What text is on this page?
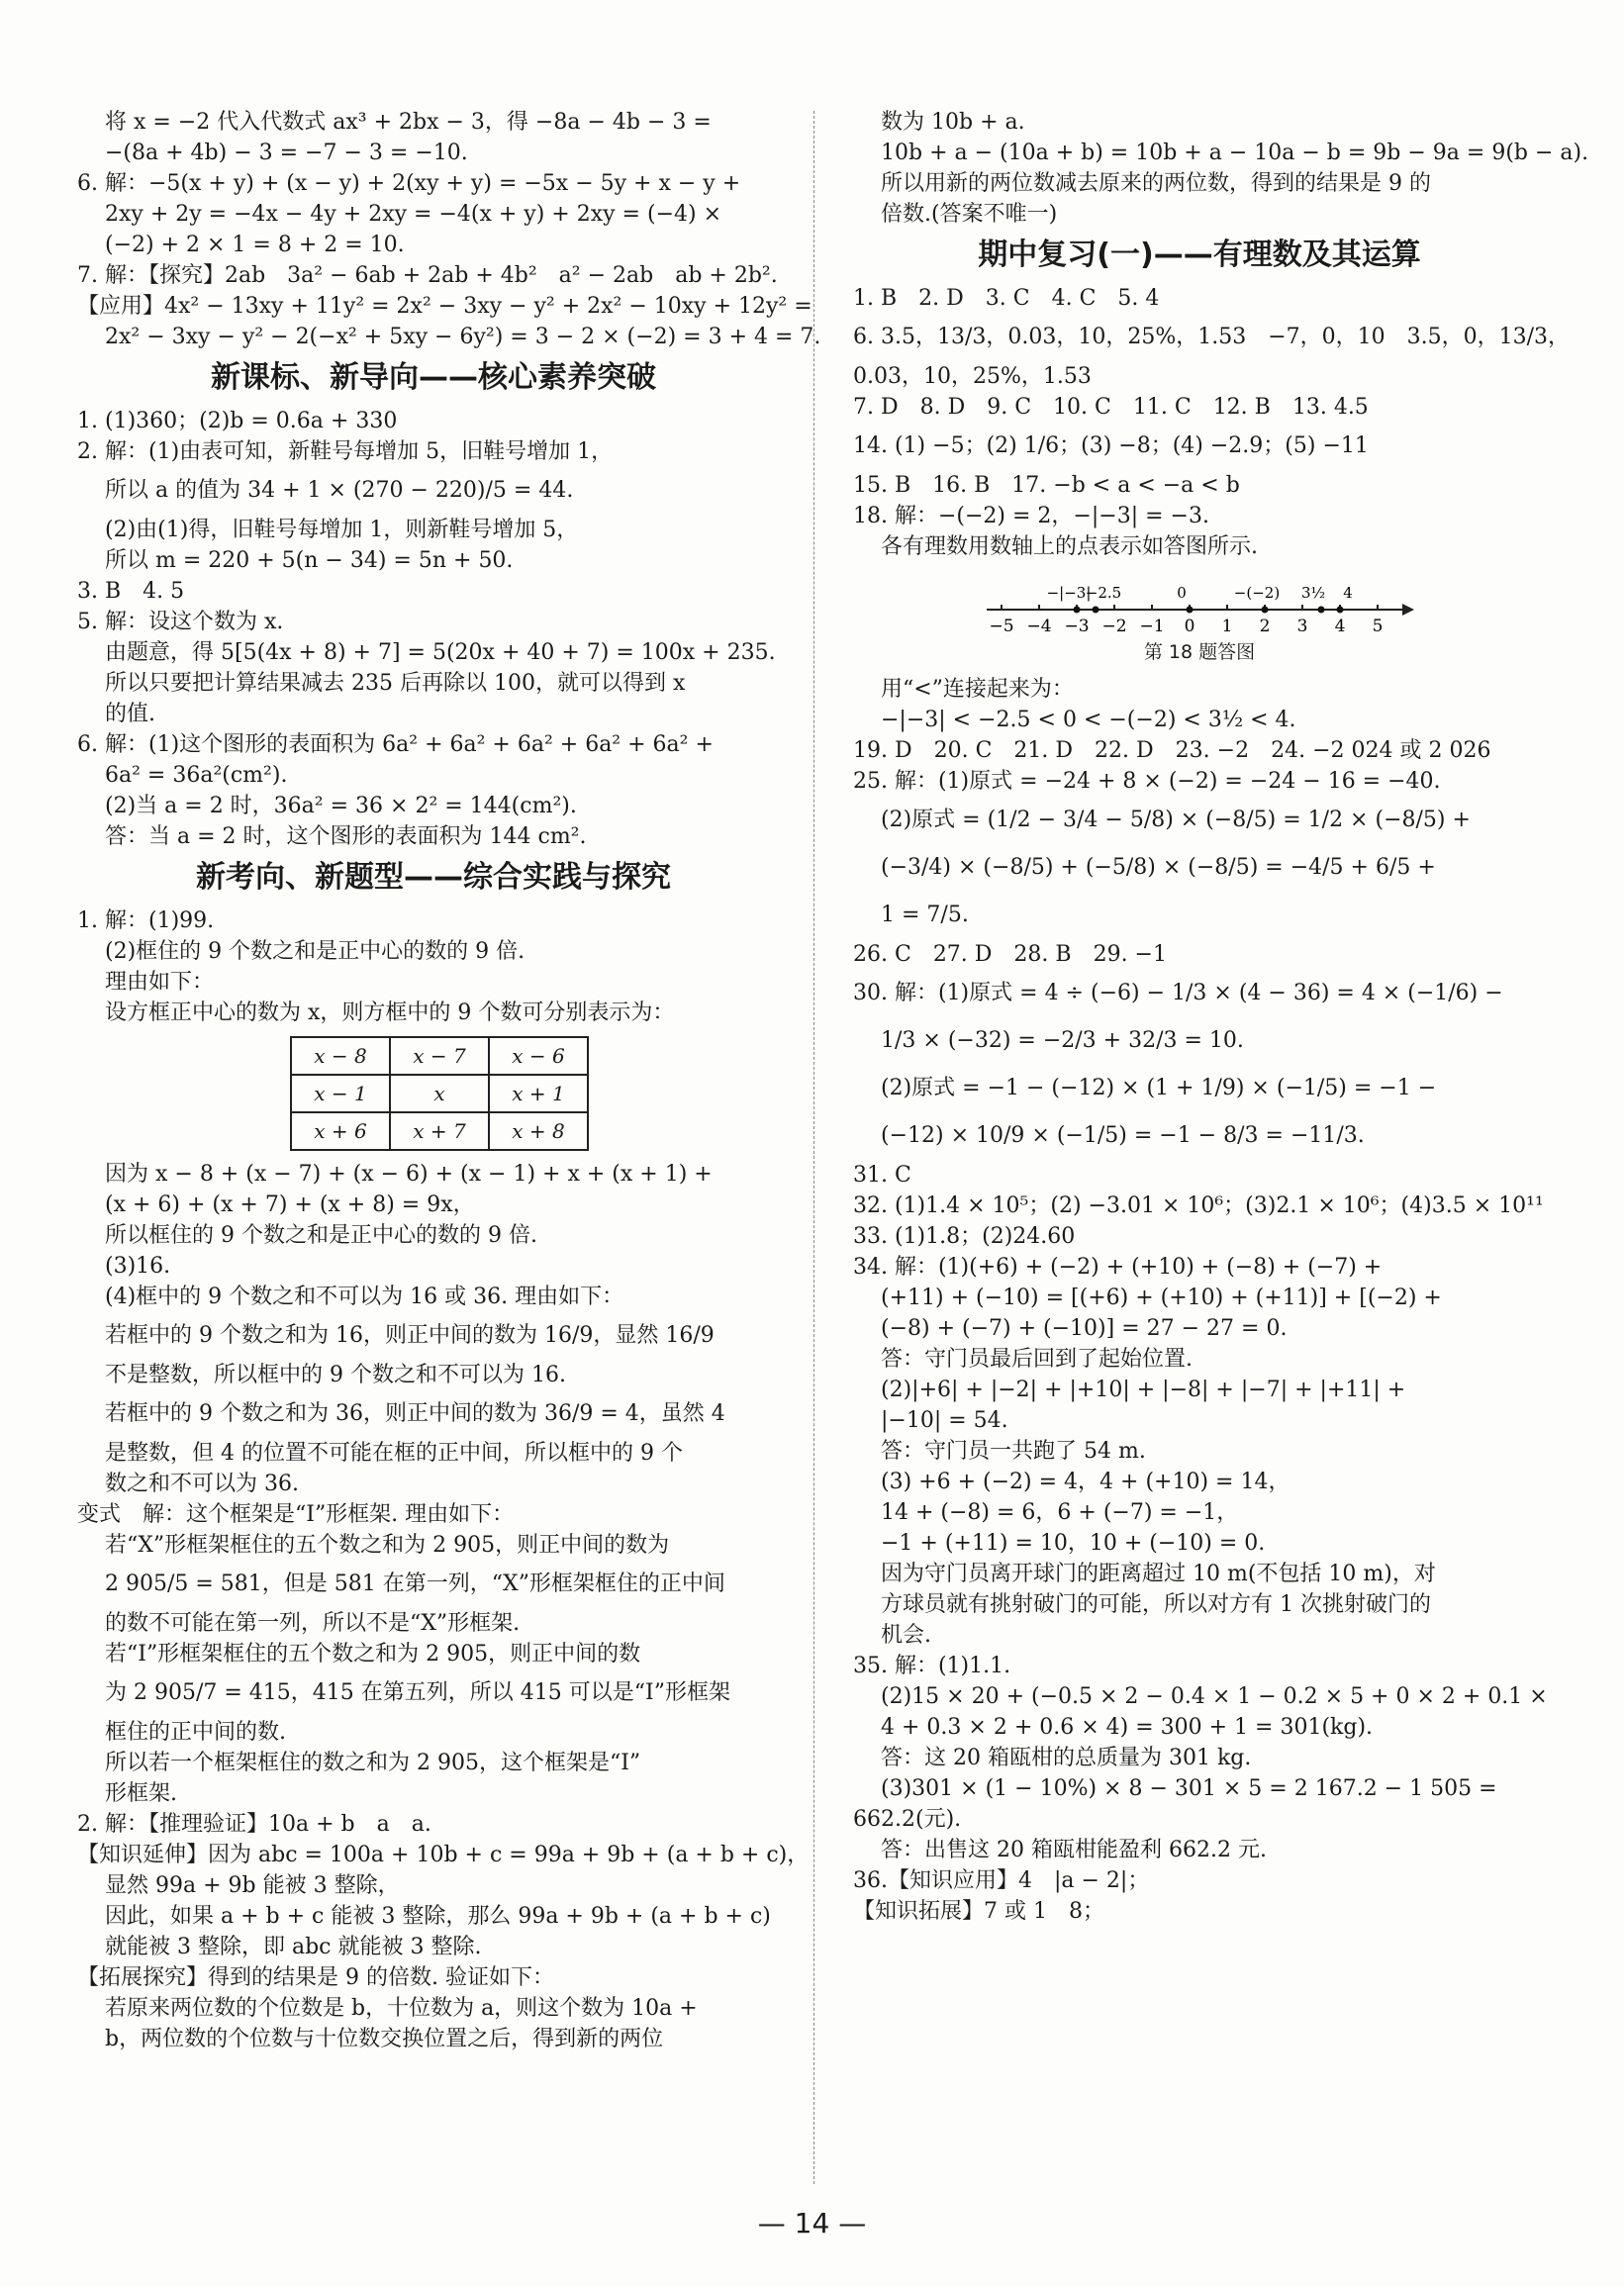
将 x = −2 代入代数式 ax³ + 2bx − 3，得 −8a − 4b − 3 =
−(8a + 4b) − 3 = −7 − 3 = −10.
6. 解：−5(x + y) + (x − y) + 2(xy + y) = −5x − 5y + x − y +
2xy + 2y = −4x − 4y + 2xy = −4(x + y) + 2xy = (−4) ×
(−2) + 2 × 1 = 8 + 2 = 10.
7. 解：【探究】2ab　3a² − 6ab + 2ab + 4b²　a² − 2ab　ab + 2b².
【应用】4x² − 13xy + 11y² = 2x² − 3xy − y² + 2x² − 10xy + 12y² =
2x² − 3xy − y² − 2(−x² + 5xy − 6y²) = 3 − 2 × (−2) = 3 + 4 = 7.
新课标、新导向——核心素养突破
1. (1)360；(2)b = 0.6a + 330
2. 解：(1)由表可知，新鞋号每增加 5，旧鞋号增加 1，
所以 a 的值为 34 + 1 × (270 − 220)/5 = 44.
(2)由(1)得，旧鞋号每增加 1，则新鞋号增加 5，
所以 m = 220 + 5(n − 34) = 5n + 50.
3. B　4. 5
5. 解：设这个数为 x.
由题意，得 5[5(4x + 8) + 7] = 5(20x + 40 + 7) = 100x + 235.
所以只要把计算结果减去 235 后再除以 100，就可以得到 x
的值.
6. 解：(1)这个图形的表面积为 6a² + 6a² + 6a² + 6a² + 6a² +
6a² = 36a²(cm²).
(2)当 a = 2 时，36a² = 36 × 2² = 144(cm²).
答：当 a = 2 时，这个图形的表面积为 144 cm².
新考向、新题型——综合实践与探究
1. 解：(1)99.
(2)框住的 9 个数之和是正中心的数的 9 倍.
理由如下：
设方框正中心的数为 x，则方框中的 9 个数可分别表示为：
x − 8	x − 7	x − 6
x − 1	x	x + 1
x + 6	x + 7	x + 8
因为 x − 8 + (x − 7) + (x − 6) + (x − 1) + x + (x + 1) +
(x + 6) + (x + 7) + (x + 8) = 9x，
所以框住的 9 个数之和是正中心的数的 9 倍.
(3)16.
(4)框中的 9 个数之和不可以为 16 或 36. 理由如下：
若框中的 9 个数之和为 16，则正中间的数为 16/9，显然 16/9
不是整数，所以框中的 9 个数之和不可以为 16.
若框中的 9 个数之和为 36，则正中间的数为 36/9 = 4，虽然 4
是整数，但 4 的位置不可能在框的正中间，所以框中的 9 个
数之和不可以为 36.
变式　解：这个框架是“I”形框架. 理由如下：
若“X”形框架框住的五个数之和为 2 905，则正中间的数为
2 905/5 = 581，但是 581 在第一列，“X”形框架框住的正中间
的数不可能在第一列，所以不是“X”形框架.
若“I”形框架框住的五个数之和为 2 905，则正中间的数
为 2 905/7 = 415，415 在第五列，所以 415 可以是“I”形框架
框住的正中间的数.
所以若一个框架框住的数之和为 2 905，这个框架是“I”
形框架.
2. 解：【推理验证】10a + b　a　a.
【知识延伸】因为 abc = 100a + 10b + c = 99a + 9b + (a + b + c)，
显然 99a + 9b 能被 3 整除，
因此，如果 a + b + c 能被 3 整除，那么 99a + 9b + (a + b + c)
就能被 3 整除，即 abc 就能被 3 整除.
【拓展探究】得到的结果是 9 的倍数. 验证如下：
若原来两位数的个位数是 b，十位数为 a，则这个数为 10a +
b，两位数的个位数与十位数交换位置之后，得到新的两位
数为 10b + a.
10b + a − (10a + b) = 10b + a − 10a − b = 9b − 9a = 9(b − a).
所以用新的两位数减去原来的两位数，得到的结果是 9 的
倍数.(答案不唯一)
期中复习(一)——有理数及其运算
1. B　2. D　3. C　4. C　5. 4
6. 3.5，13/3，0.03，10，25%，1.53　−7，0，10　3.5，0，13/3，
0.03，10，25%，1.53
7. D　8. D　9. C　10. C　11. C　12. B　13. 4.5
14. (1) −5；(2) 1/6；(3) −8；(4) −2.9；(5) −11
15. B　16. B　17. −b < a < −a < b
18. 解：−(−2) = 2，−|−3| = −3.
各有理数用数轴上的点表示如答图所示.
−5 −4 −3 −2 −1 0 1 2 3 4 5
−|−3|
−2.5	0	−(−2) 3½ 4
第 18 题答图
用“<”连接起来为：
−|−3| < −2.5 < 0 < −(−2) < 3½ < 4.
19. D　20. C　21. D　22. D　23. −2　24. −2 024 或 2 026
25. 解：(1)原式 = −24 + 8 × (−2) = −24 − 16 = −40.
(2)原式 = (1/2 − 3/4 − 5/8) × (−8/5) = 1/2 × (−8/5) +
(−3/4) × (−8/5) + (−5/8) × (−8/5) = −4/5 + 6/5 +
1 = 7/5.
26. C　27. D　28. B　29. −1
30. 解：(1)原式 = 4 ÷ (−6) − 1/3 × (4 − 36) = 4 × (−1/6) −
1/3 × (−32) = −2/3 + 32/3 = 10.
(2)原式 = −1 − (−12) × (1 + 1/9) × (−1/5) = −1 −
(−12) × 10/9 × (−1/5) = −1 − 8/3 = −11/3.
31. C
32. (1)1.4 × 10⁵；(2) −3.01 × 10⁶；(3)2.1 × 10⁶；(4)3.5 × 10¹¹
33. (1)1.8；(2)24.60
34. 解：(1)(+6) + (−2) + (+10) + (−8) + (−7) +
(+11) + (−10) = [(+6) + (+10) + (+11)] + [(−2) +
(−8) + (−7) + (−10)] = 27 − 27 = 0.
答：守门员最后回到了起始位置.
(2)|+6| + |−2| + |+10| + |−8| + |−7| + |+11| +
|−10| = 54.
答：守门员一共跑了 54 m.
(3) +6 + (−2) = 4，4 + (+10) = 14，
14 + (−8) = 6，6 + (−7) = −1，
−1 + (+11) = 10，10 + (−10) = 0.
因为守门员离开球门的距离超过 10 m(不包括 10 m)，对
方球员就有挑射破门的可能，所以对方有 1 次挑射破门的
机会.
35. 解：(1)1.1.
(2)15 × 20 + (−0.5 × 2 − 0.4 × 1 − 0.2 × 5 + 0 × 2 + 0.1 ×
4 + 0.3 × 2 + 0.6 × 4) = 300 + 1 = 301(kg).
答：这 20 箱瓯柑的总质量为 301 kg.
(3)301 × (1 − 10%) × 8 − 301 × 5 = 2 167.2 − 1 505 =
662.2(元).
答：出售这 20 箱瓯柑能盈利 662.2 元.
36.【知识应用】4　|a − 2|；
【知识拓展】7 或 1　8；
— 14 —
